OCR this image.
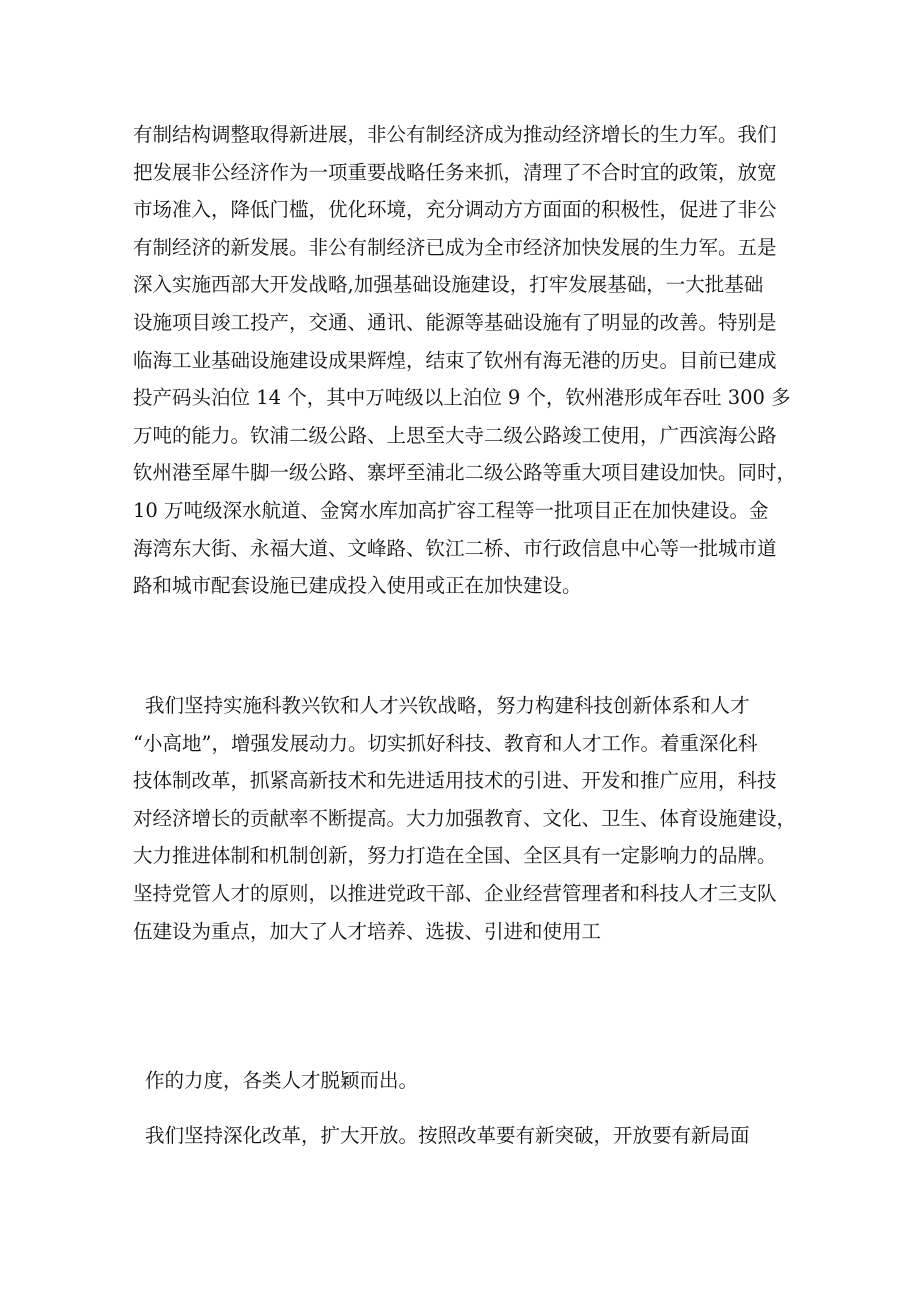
有制结构调整取得新进展，非公有制经济成为推动经济增长的生力军。我们
把发展非公经济作为一项重要战略任务来抓，清理了不合时宜的政策，放宽
市场准入，降低门槛，优化环境，充分调动方方面面的积极性，促进了非公
有制经济的新发展。非公有制经济已成为全市经济加快发展的生力军。五是
深入实施西部大开发战略,加强基础设施建设，打牢发展基础，一大批基础
设施项目竣工投产，交通、通讯、能源等基础设施有了明显的改善。特别是
临海工业基础设施建设成果辉煌，结束了钦州有海无港的历史。目前已建成
投产码头泊位 14 个，其中万吨级以上泊位 9 个，钦州港形成年吞吐 300 多
万吨的能力。钦浦二级公路、上思至大寺二级公路竣工使用，广西滨海公路
钦州港至犀牛脚一级公路、寨坪至浦北二级公路等重大项目建设加快。同时，
10 万吨级深水航道、金窝水库加高扩容工程等一批项目正在加快建设。金
海湾东大街、永福大道、文峰路、钦江二桥、市行政信息中心等一批城市道
路和城市配套设施已建成投入使用或正在加快建设。
我们坚持实施科教兴钦和人才兴钦战略，努力构建科技创新体系和人才
“小高地”，增强发展动力。切实抓好科技、教育和人才工作。着重深化科
技体制改革，抓紧高新技术和先进适用技术的引进、开发和推广应用，科技
对经济增长的贡献率不断提高。大力加强教育、文化、卫生、体育设施建设，
大力推进体制和机制创新，努力打造在全国、全区具有一定影响力的品牌。
坚持党管人才的原则，以推进党政干部、企业经营管理者和科技人才三支队
伍建设为重点，加大了人才培养、选拔、引进和使用工
作的力度，各类人才脱颖而出。
我们坚持深化改革，扩大开放。按照改革要有新突破，开放要有新局面
